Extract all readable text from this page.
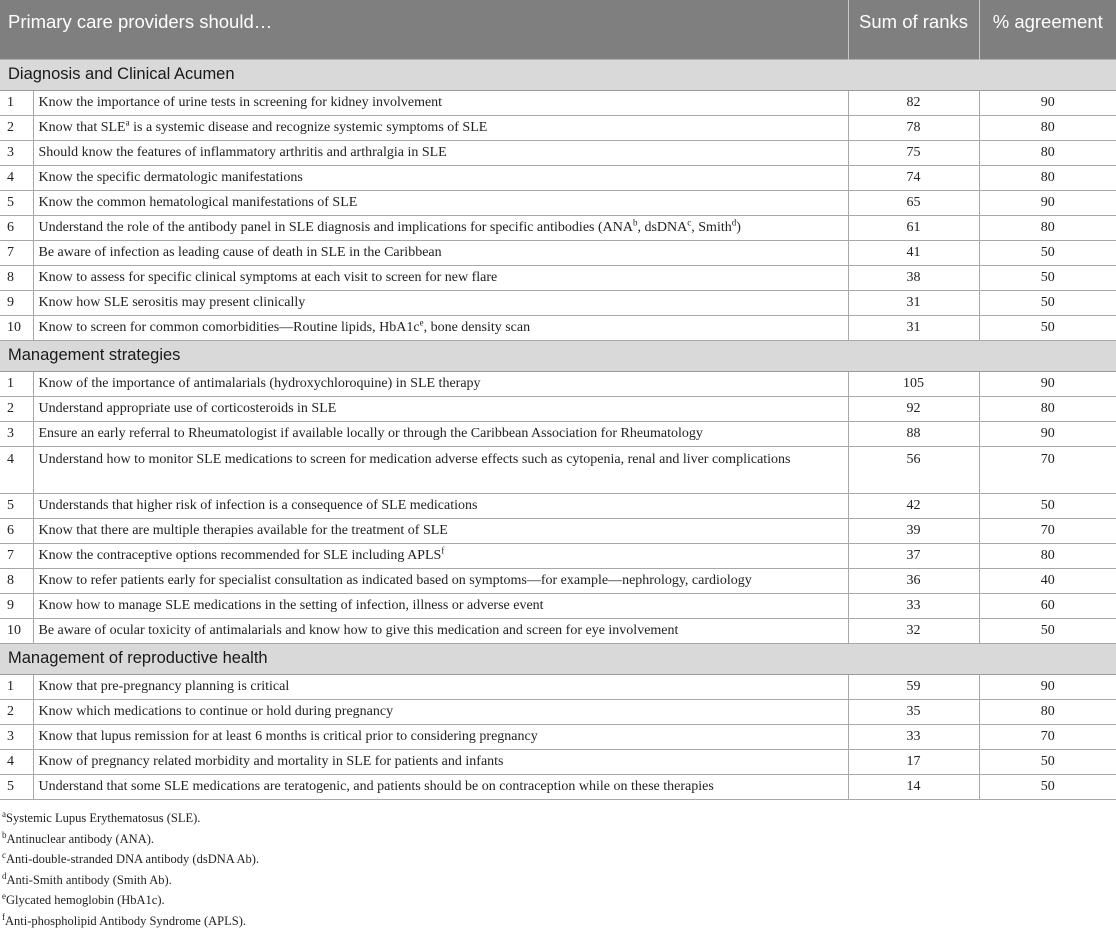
Primary care providers should…		Sum of ranks	% agreement
Diagnosis and Clinical Acumen			
1	Know the importance of urine tests in screening for kidney involvement	82	90
2	Know that SLE$^a$ is a systemic disease and recognize systemic symptoms of SLE	78	80
3	Should know the features of inflammatory arthritis and arthralgia in SLE	75	80
4	Know the specific dermatologic manifestations	74	80
5	Know the common hematological manifestations of SLE	65	90
6	Understand the role of the antibody panel in SLE diagnosis and implications for specific antibodies (ANA$^b$, dsDNA$^c$, Smith$^d$)	61	80
7	Be aware of infection as leading cause of death in SLE in the Caribbean	41	50
8	Know to assess for specific clinical symptoms at each visit to screen for new flare	38	50
9	Know how SLE serositis may present clinically	31	50
10	Know to screen for common comorbidities—Routine lipids, $HbA1c^e$, bone density scan	31	50
Management strategies			
1	Know of the importance of antimalarials (hydroxychloroquine) in SLE therapy	105	90
2	Understand appropriate use of corticosteroids in SLE	92	80
3	Ensure an early referral to Rheumatologist if available locally or through the Caribbean Association for Rheumatology	88	90
4	Understand how to monitor SLE medications to screen for medication adverse effects such as cytopenia, renal and liver complications	56	70
5	Understands that higher risk of infection is a consequence of SLE medications	42	50
6	Know that there are multiple therapies available for the treatment of SLE	39	70
7	Know the contraceptive options recommended for SLE including APLS$^f$	37	80
8	Know to refer patients early for specialist consultation as indicated based on symptoms—for example—nephrology, cardiology	36	40
9	Know how to manage SLE medications in the setting of infection, illness or adverse event	33	60
10	Be aware of ocular toxicity of antimalarials and know how to give this medication and screen for eye involvement	32	50
Management of reproductive health			
1	Know that pre-pregnancy planning is critical	59	90
2	Know which medications to continue or hold during pregnancy	35	80
3	Know that lupus remission for at least 6 months is critical prior to considering pregnancy	33	70
4	Know of pregnancy related morbidity and mortality in SLE for patients and infants	17	50
5	Understand that some SLE medications are teratogenic, and patients should be on contraception while on these therapies	14	50
$^a$Systemic Lupus Erythematosus (SLE).
$^b$Antinuclear antibody (ANA).
$^c$Anti-double-stranded DNA antibody (dsDNA Ab).
$^d$Anti-Smith antibody (Smith Ab).
$^e$Glycated hemoglobin (HbA1c).
$^f$Anti-phospholipid Antibody Syndrome (APLS).
